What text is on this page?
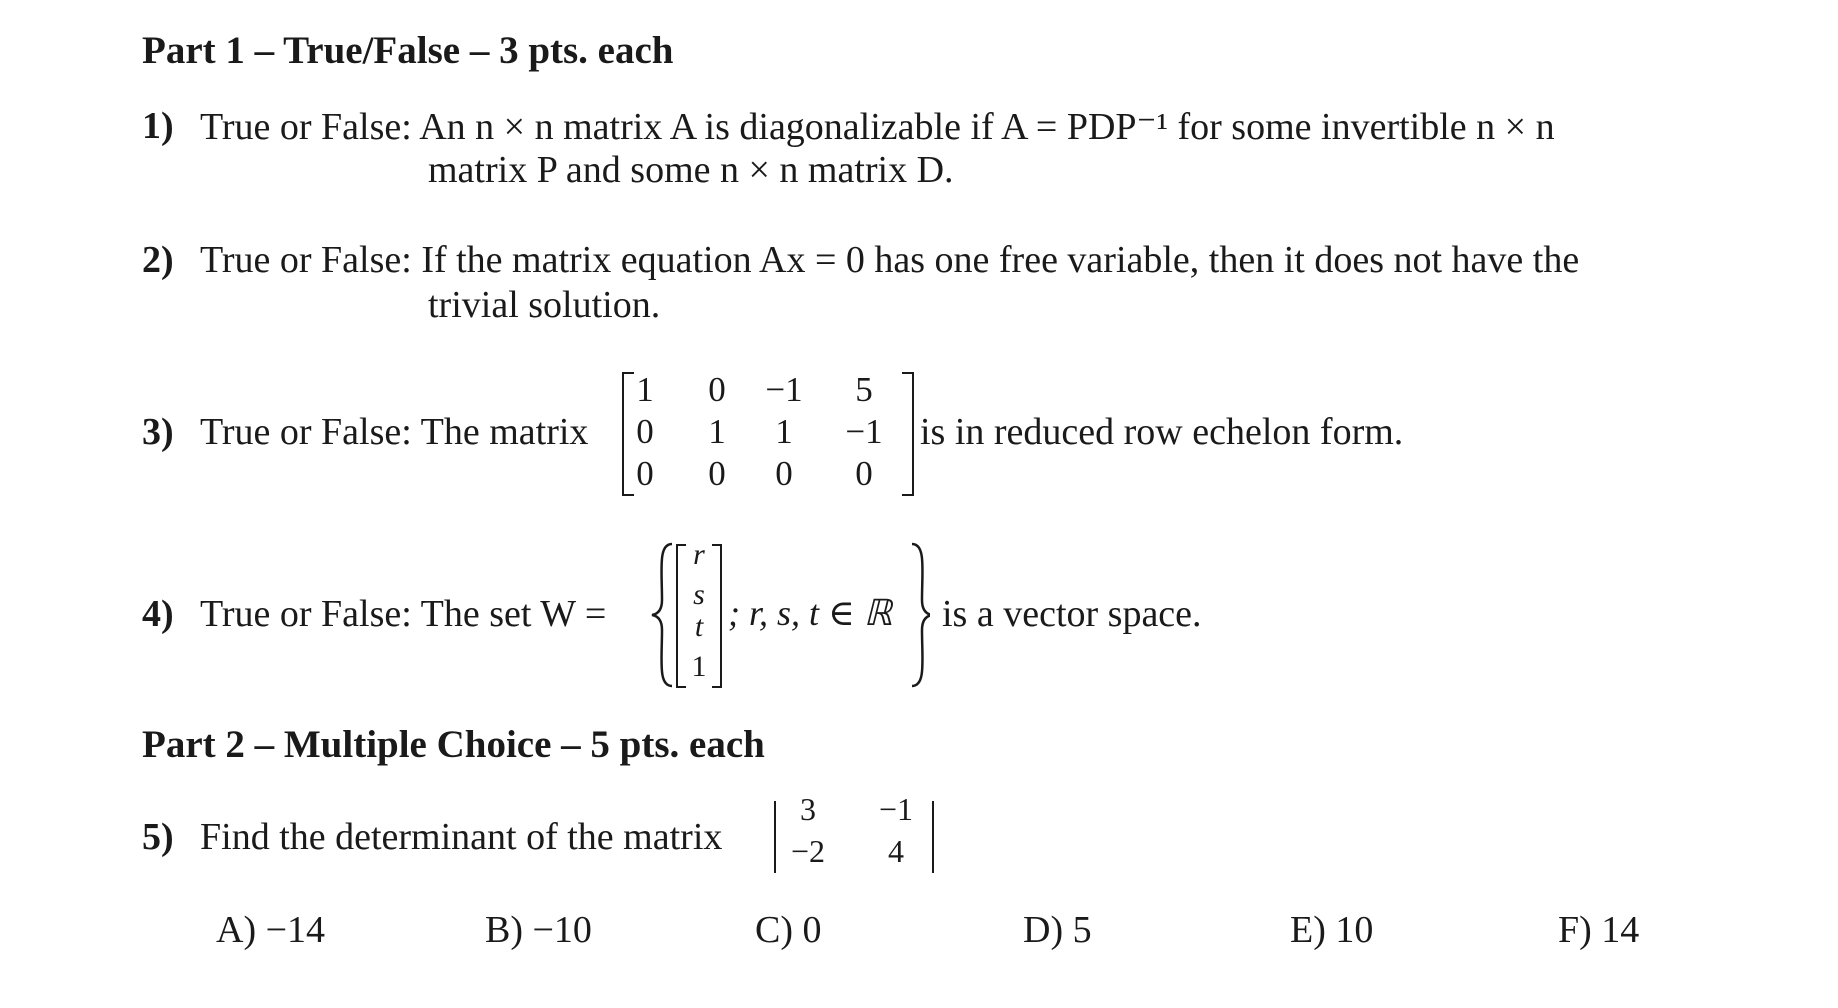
Part 1 – True/False – 3 pts. each
1) True or False: An n × n matrix A is diagonalizable if A = PDP⁻¹ for some invertible n × n
matrix P and some n × n matrix D.
2) True or False: If the matrix equation Ax = 0 has one free variable, then it does not have the
trivial solution.
3) True or False: The matrix
1 0	−1	5
0 1	1	−1
0 0	0	0
is in reduced row echelon form.
4) True or False: The set W =
r
s
t
1
; r, s, t ∈ ℝ is a vector space.
Part 2 – Multiple Choice – 5 pts. each
5) Find the determinant of the matrix
3	−1
−2	4
A) −14	B) −10	C) 0	D) 5	E) 10	F) 14
